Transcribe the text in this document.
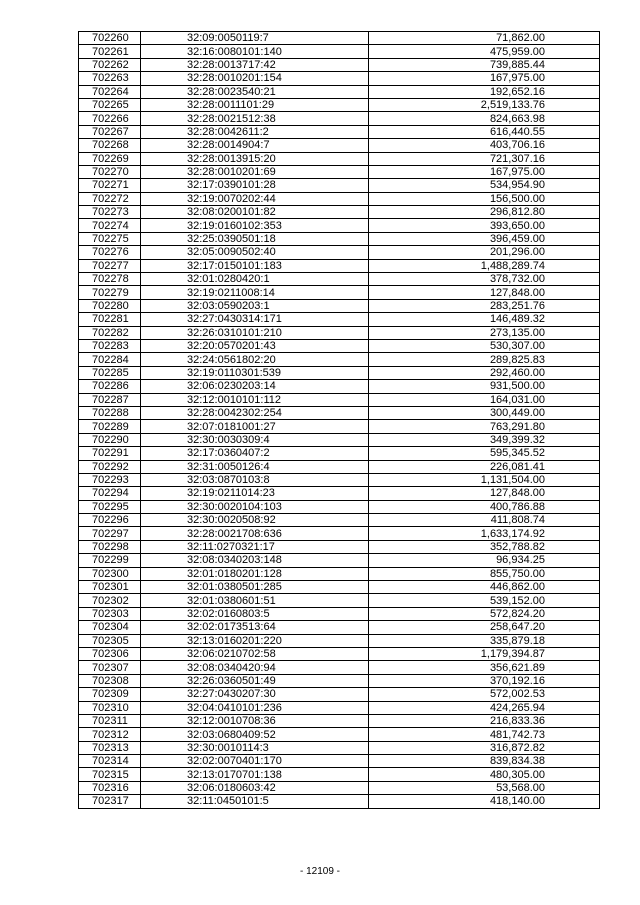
702260	32:09:0050119:7	71,862.00
702261	32:16:0080101:140	475,959.00
702262	32:28:0013717:42	739,885.44
702263	32:28:0010201:154	167,975.00
702264	32:28:0023540:21	192,652.16
702265	32:28:0011101:29	2,519,133.76
702266	32:28:0021512:38	824,663.98
702267	32:28:0042611:2	616,440.55
702268	32:28:0014904:7	403,706.16
702269	32:28:0013915:20	721,307.16
702270	32:28:0010201:69	167,975.00
702271	32:17:0390101:28	534,954.90
702272	32:19:0070202:44	156,500.00
702273	32:08:0200101:82	296,812.80
702274	32:19:0160102:353	393,650.00
702275	32:25:0390501:18	396,459.00
702276	32:05:0090502:40	201,296.00
702277	32:17:0150101:183	1,488,289.74
702278	32:01:0280420:1	378,732.00
702279	32:19:0211008:14	127,848.00
702280	32:03:0590203:1	283,251.76
702281	32:27:0430314:171	146,489.32
702282	32:26:0310101:210	273,135.00
702283	32:20:0570201:43	530,307.00
702284	32:24:0561802:20	289,825.83
702285	32:19:0110301:539	292,460.00
702286	32:06:0230203:14	931,500.00
702287	32:12:0010101:112	164,031.00
702288	32:28:0042302:254	300,449.00
702289	32:07:0181001:27	763,291.80
702290	32:30:0030309:4	349,399.32
702291	32:17:0360407:2	595,345.52
702292	32:31:0050126:4	226,081.41
702293	32:03:0870103:8	1,131,504.00
702294	32:19:0211014:23	127,848.00
702295	32:30:0020104:103	400,786.88
702296	32:30:0020508:92	411,808.74
702297	32:28:0021708:636	1,633,174.92
702298	32:11:0270321:17	352,788.82
702299	32:08:0340203:148	96,934.25
702300	32:01:0180201:128	855,750.00
702301	32:01:0380501:285	446,862.00
702302	32:01:0380601:51	539,152.00
702303	32:02:0160803:5	572,824.20
702304	32:02:0173513:64	258,647.20
702305	32:13:0160201:220	335,879.18
702306	32:06:0210702:58	1,179,394.87
702307	32:08:0340420:94	356,621.89
702308	32:26:0360501:49	370,192.16
702309	32:27:0430207:30	572,002.53
702310	32:04:0410101:236	424,265.94
702311	32:12:0010708:36	216,833.36
702312	32:03:0680409:52	481,742.73
702313	32:30:0010114:3	316,872.82
702314	32:02:0070401:170	839,834.38
702315	32:13:0170701:138	480,305.00
702316	32:06:0180603:42	53,568.00
702317	32:11:0450101:5	418,140.00
- 12109 -
